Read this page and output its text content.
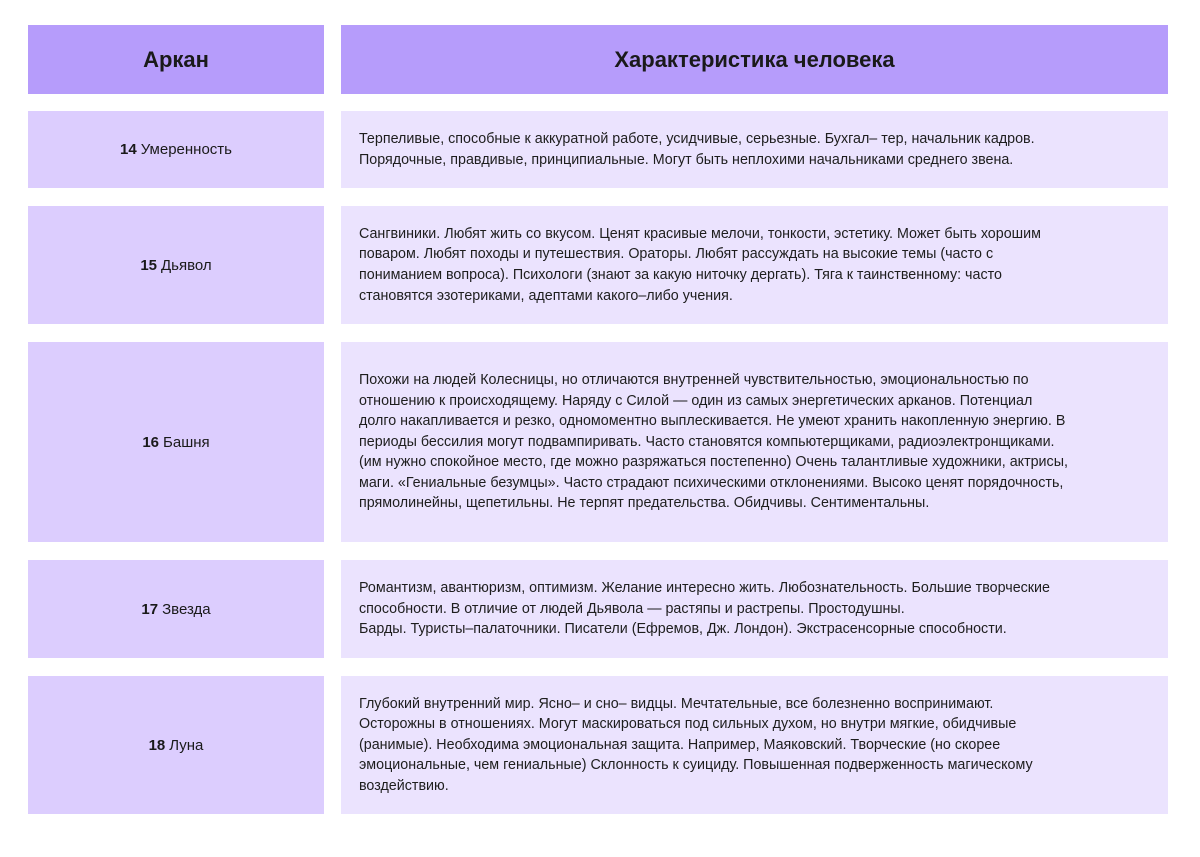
Аркан	Характеристика человека
14 Умеренность
Терпеливые, способные к аккуратной работе, усидчивые, серьезные. Бухгал– тер, начальник кадров.
Порядочные, правдивые, принципиальные. Могут быть неплохими начальниками среднего звена.
15 Дьявол
Сангвиники. Любят жить со вкусом. Ценят красивые мелочи, тонкости, эстетику. Может быть хорошим
поваром. Любят походы и путешествия. Ораторы. Любят рассуждать на высокие темы (часто с
пониманием вопроса). Психологи (знают за какую ниточку дергать). Тяга к таинственному: часто
становятся эзотериками, адептами какого–либо учения.
16 Башня
Похожи на людей Колесницы, но отличаются внутренней чувствительностью, эмоциональностью по
отношению к происходящему. Наряду с Силой — один из самых энергетических арканов. Потенциал
долго накапливается и резко, одномоментно выплескивается. Не умеют хранить накопленную энергию. В
периоды бессилия могут подвампиривать. Часто становятся компьютерщиками, радиоэлектронщиками.
(им нужно спокойное место, где можно разряжаться постепенно) Очень талантливые художники, актрисы,
маги. «Гениальные безумцы». Часто страдают психическими отклонениями. Высоко ценят порядочность,
прямолинейны, щепетильны. Не терпят предательства. Обидчивы. Сентиментальны.
17 Звезда
Романтизм, авантюризм, оптимизм. Желание интересно жить. Любознательность. Большие творческие
способности. В отличие от людей Дьявола — растяпы и растрепы. Простодушны.
Барды. Туристы–палаточники. Писатели (Ефремов, Дж. Лондон). Экстрасенсорные способности.
18 Луна
Глубокий внутренний мир. Ясно– и сно– видцы. Мечтательные, все болезненно воспринимают.
Осторожны в отношениях. Могут маскироваться под сильных духом, но внутри мягкие, обидчивые
(ранимые). Необходима эмоциональная защита. Например, Маяковский. Творческие (но скорее
эмоциональные, чем гениальные) Склонность к суициду. Повышенная подверженность магическому
воздействию.
